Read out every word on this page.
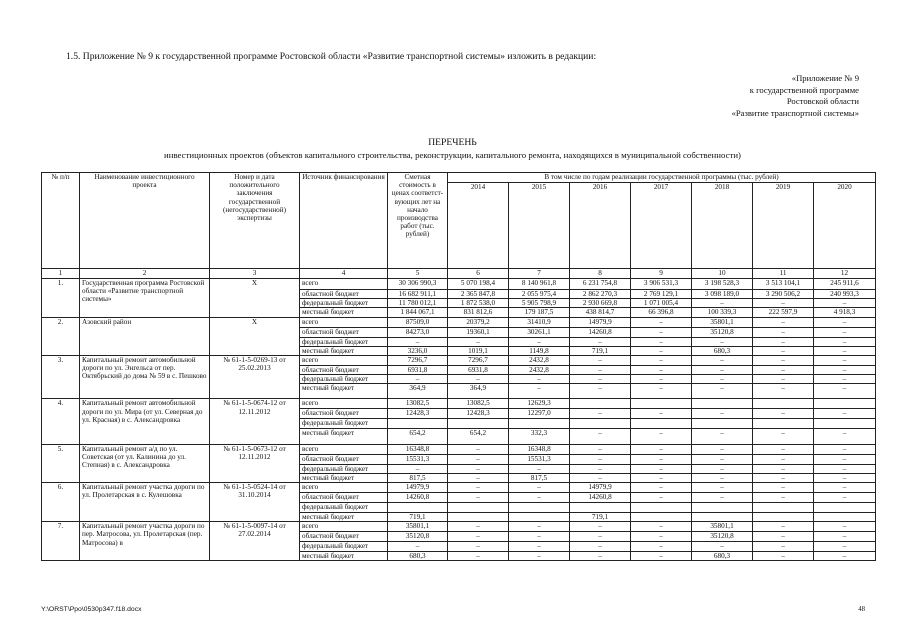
1.5. Приложение № 9 к государственной программе Ростовской области «Развитие транспортной системы» изложить в редакции:
«Приложение № 9
к государственной программе
Ростовской области
«Развитие транспортной системы»
ПЕРЕЧЕНЬ
инвестиционных проектов (объектов капитального строительства, реконструкции, капитального ремонта, находящихся в муниципальной собственности)
№ п/п	Наименование инвестиционного проекта	Номер и дата положительного заключения государственной (негосударственной) экспертизы	Источник финансирования	Сметная стоимость в ценах соответст-вующих лет на начало производства работ (тыс. рублей)	В том числе по годам реализации государственной программы (тыс. рублей)						
					2014	2015	2016	2017	2018	2019	2020
1	2	3	4	5	6	7	8	9	10	11	12
1.	Государственная программа Ростовской области «Развитие транспортной системы»	Х	всего	30 306 990,3	5 070 198,4	8 140 961,8	6 231 754,8	3 906 531,3	3 198 528,3	3 513 104,1	245 911,6
			областной бюджет	16 682 911,1	2 365 847,8	2 055 975,4	2 862 270,3	2 769 129,1	3 098 189,0	3 290 506,2	240 993,3
			федеральный бюджет	11 780 012,1	1 872 538,0	5 905 798,9	2 930 669,8	1 071 005,4	–	–	–
			местный бюджет	1 844 067,1	831 812,6	179 187,5	438 814,7	66 396,8	100 339,3	222 597,9	4 918,3
2.	Азовский район	Х	всего	87509,0	20379,2	31410,9	14979,9	–	35801,1	–	–
			областной бюджет	84273,0	19360,1	30261,1	14260,8	–	35120,8	–	–
			федеральный бюджет	–	–	–	–	–	–	–	–
			местный бюджет	3236,0	1019,1	1149,8	719,1	–	680,3	–	–
3.	Капитальный ремонт автомобильной дороги по ул. Энгельса от пер. Октябрьский до дома № 59 в с. Пешково	№ 61-1-5-0269-13 от 25.02.2013	всего	7296,7	7296,7	2432,8	–	–	–	–	–
			областной бюджет	6931,8	6931,8	2432,8	–	–	–	–	–
			федеральный бюджет	–	–	–	–	–	–	–	–
			местный бюджет	364,9	364,9	–	–	–	–	–	–
4.	Капитальный ремонт автомобильной дороги по ул. Мира (от ул. Северная до ул. Красная) в с. Александровка	№ 61-1-5-0674-12 от 12.11.2012	всего	13082,5	13082,5	12629,3					
			областной бюджет	12428,3	12428,3	12297,0	–	–	–	–	–
			федеральный бюджет								
			местный бюджет	654,2	654,2	332,3	–	–	–	–	–
5.	Капитальный ремонт а/д по ул. Советская (от ул. Калинина до ул. Степная) в с. Александровка	№ 61-1-5-0673-12 от 12.11.2012	всего	16348,8	–	16348,8	–	–	–	–	–
			областной бюджет	15531,3	–	15531,3	–	–	–	–	–
			федеральный бюджет	–	–	–	–	–	–	–	–
			местный бюджет	817,5	–	817,5	–	–	–	–	–
6.	Капитальный ремонт участка дороги по ул. Пролетарская в с. Кулешовка	№ 61-1-5-0524-14 от 31.10.2014	всего	14979,9	–	–	14979,9	–	–	–	–
			областной бюджет	14260,8	–	–	14260,8	–	–	–	–
			федеральный бюджет								
			местный бюджет	719,1			719,1				
7.	Капитальный ремонт участка дороги по пер. Матросова, ул. Пролетарская (пер. Матросова) в	№ 61-1-5-0097-14 от 27.02.2014	всего	35801,1	–	–	–	–	35801,1	–	–
			областной бюджет	35120,8	–	–	–	–	35120,8	–	–
			федеральный бюджет	–	–	–	–	–	–	–	–
			местный бюджет	680,3	–	–	–	–	680,3	–	–
Y:\ORST\Ppo\0530p347.f18.docx	48
